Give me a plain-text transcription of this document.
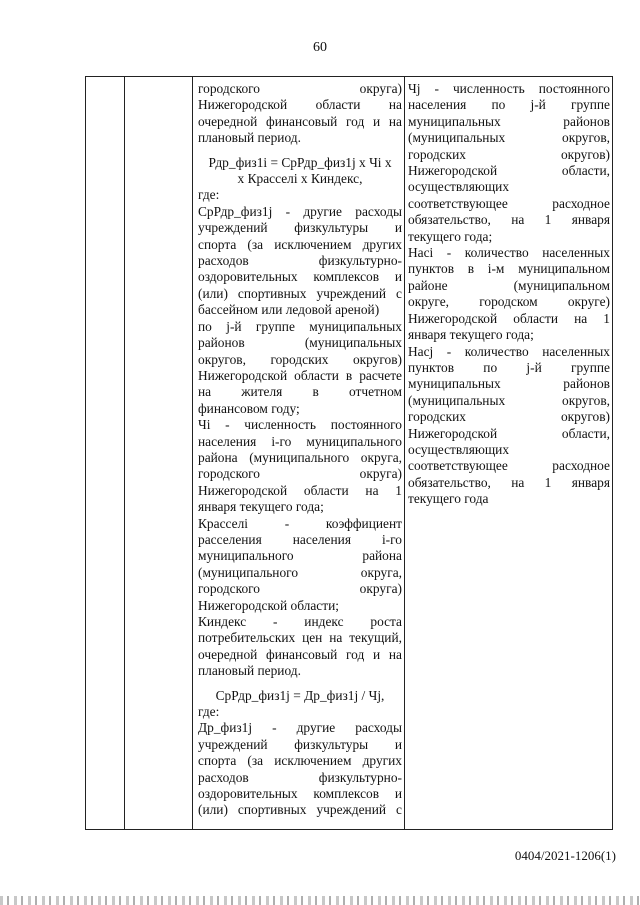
60
городского округа)
Нижегородской области на
очередной финансовый год и на
плановый период.
Рдр_физ1i = СрРдр_физ1j х Чi х
х Красселi х Киндекс,
где:
СрРдр_физ1j - другие расходы
учреждений физкультуры и
спорта (за исключением других
расходов физкультурно-
оздоровительных комплексов и
(или) спортивных учреждений с
бассейном или ледовой ареной)
по j-й группе муниципальных
районов (муниципальных
округов, городских округов)
Нижегородской области в расчете
на жителя в отчетном
финансовом году;
Чi - численность постоянного
населения i-го муниципального
района (муниципального округа,
городского округа)
Нижегородской области на 1
января текущего года;
Красселi - коэффициент
расселения населения i-го
муниципального района
(муниципального округа,
городского округа)
Нижегородской области;
Киндекс - индекс роста
потребительских цен на текущий,
очередной финансовый год и на
плановый период.
СрРдр_физ1j = Др_физ1j / Чj,
где:
Др_физ1j - другие расходы
учреждений физкультуры и
спорта (за исключением других
расходов физкультурно-
оздоровительных комплексов и
(или) спортивных учреждений с
Чj - численность постоянного
населения по j-й группе
муниципальных районов
(муниципальных округов,
городских округов)
Нижегородской области,
осуществляющих
соответствующее расходное
обязательство, на 1 января
текущего года;
Насi - количество населенных
пунктов в i-м муниципальном
районе (муниципальном
округе, городском округе)
Нижегородской области на 1
января текущего года;
Насj - количество населенных
пунктов по j-й группе
муниципальных районов
(муниципальных округов,
городских округов)
Нижегородской области,
осуществляющих
соответствующее расходное
обязательство, на 1 января
текущего года
0404/2021-1206(1)
